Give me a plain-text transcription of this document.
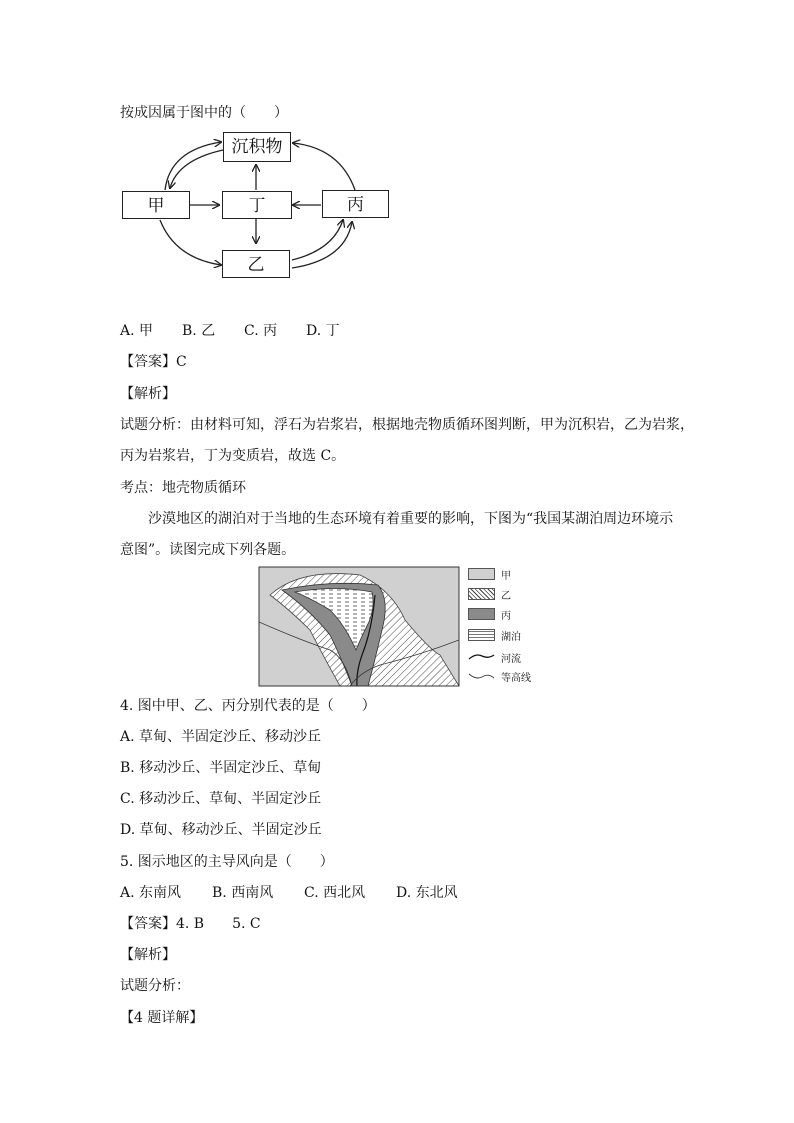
按成因属于图中的（　　）
沉积物
甲	丁	丙
乙
A. 甲 B. 乙 C. 丙 D. 丁
【答案】C
【解析】
试题分析：由材料可知，浮石为岩浆岩，根据地壳物质循环图判断，甲为沉积岩，乙为岩浆，
丙为岩浆岩，丁为变质岩，故选 C。
考点：地壳物质循环
沙漠地区的湖泊对于当地的生态环境有着重要的影响，下图为“我国某湖泊周边环境示
意图”。读图完成下列各题。
甲
乙
丙
湖泊
河流
等高线
4. 图中甲、乙、丙分别代表的是（　　）
A. 草甸、半固定沙丘、移动沙丘
B. 移动沙丘、半固定沙丘、草甸
C. 移动沙丘、草甸、半固定沙丘
D. 草甸、移动沙丘、半固定沙丘
5. 图示地区的主导风向是（　　）
A. 东南风 B. 西南风 C. 西北风 D. 东北风
【答案】4. B　　5. C
【解析】
试题分析：
【4 题详解】
